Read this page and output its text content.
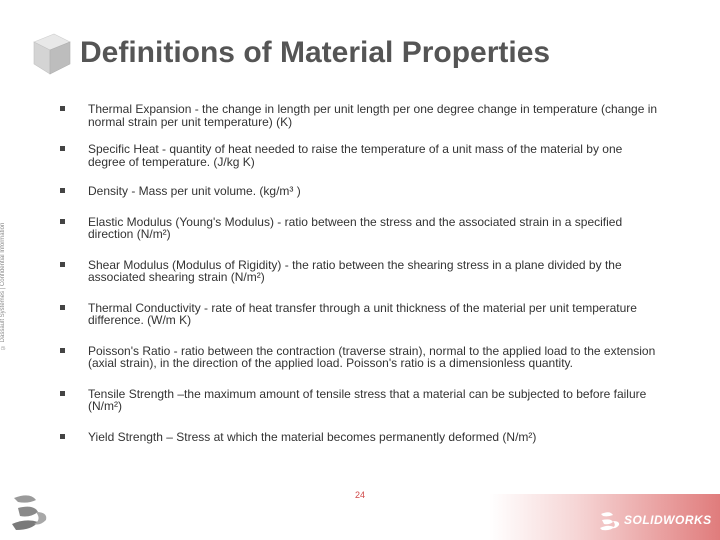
Definitions of Material Properties
© Dassault Systèmes | Confidential Information
Thermal Expansion - the change in length per unit length per one degree change in temperature (change in normal strain per unit temperature) (K)
Specific Heat - quantity of heat needed to raise the temperature of a unit mass of the material by one degree of temperature. (J/kg K)
Density - Mass per unit volume. (kg/m³ )
Elastic Modulus (Young's Modulus) - ratio between the stress and the associated strain in a specified direction (N/m²)
Shear Modulus (Modulus of Rigidity) - the ratio between the shearing stress in a plane divided by the associated shearing strain (N/m²)
Thermal Conductivity - rate of heat transfer through a unit thickness of the material per unit temperature difference. (W/m K)
Poisson's Ratio - ratio between the contraction (traverse strain), normal to the applied load to the extension (axial strain), in the direction of the applied load. Poisson's ratio is a dimensionless quantity.
Tensile Strength –the maximum amount of tensile stress that a material can be subjected to before failure (N/m²)
Yield Strength – Stress at which the material becomes permanently deformed (N/m²)
24
SOLIDWORKS
